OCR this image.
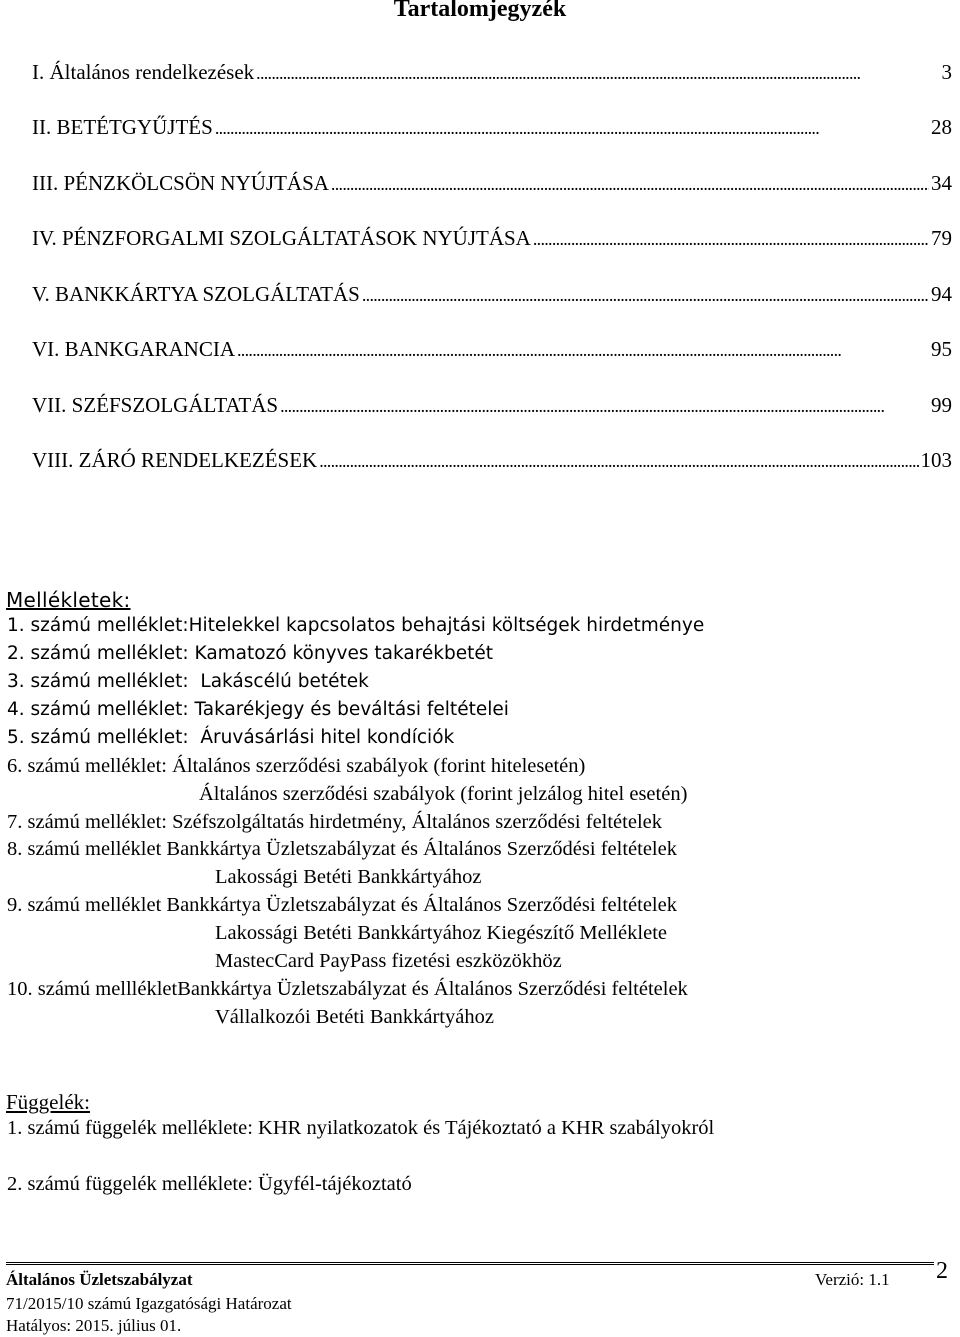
Tartalomjegyzék
I. Általános rendelkezések . . .	3
II. BETÉTGYŰJTÉS . . .	28
III. PÉNZKÖLCSÖN NYÚJTÁSA . . .	34
IV. PÉNZFORGALMI SZOLGÁLTATÁSOK NYÚJTÁSA . . .	79
V. BANKKÁRTYA SZOLGÁLTATÁS . . .	94
VI. BANKGARANCIA . . .	95
VII. SZÉFSZOLGÁLTATÁS . . .	99
VIII. ZÁRÓ RENDELKEZÉSEK . . .	103
Mellékletek:
1. számú melléklet:Hitelekkel kapcsolatos behajtási költségek hirdetménye
2. számú melléklet: Kamatozó könyves takarékbetét
3. számú melléklet:  Lakáscélú betétek
4. számú melléklet: Takarékjegy és beváltási feltételei
5. számú melléklet:  Áruvásárlási hitel kondíciók
6. számú melléklet: Általános szerződési szabályok (forint hitelesetén)
Általános szerződési szabályok (forint jelzálog hitel esetén)
7. számú melléklet: Széfszolgáltatás hirdetmény, Általános szerződési feltételek
8. számú melléklet Bankkártya Üzletszabályzat és Általános Szerződési feltételek
Lakossági Betéti Bankkártyához
9. számú melléklet Bankkártya Üzletszabályzat és Általános Szerződési feltételek
Lakossági Betéti Bankkártyához Kiegészítő Melléklete
MastecCard PayPass fizetési eszközökhöz
10. számú melllékletBankkártya Üzletszabályzat és Általános Szerződési feltételek
Vállalkozói Betéti Bankkártyához
Függelék:
1. számú függelék melléklete: KHR nyilatkozatok és Tájékoztató a KHR szabályokról
2. számú függelék melléklete: Ügyfél-tájékoztató
Általános Üzletszabályzat	Verzió: 1.1 2
71/2015/10 számú Igazgatósági Határozat
Hatályos: 2015. július 01.
